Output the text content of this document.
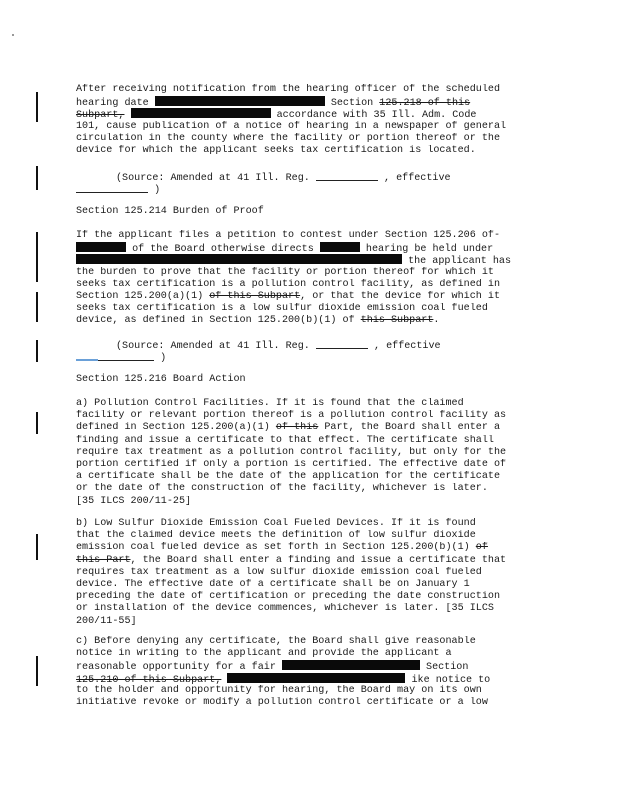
After receiving notification from the hearing officer of the scheduled
hearing date	Section 125.218 of this
Subpart,	accordance with 35 Ill. Adm. Code
101, cause publication of a notice of hearing in a newspaper of general
circulation in the county where the facility or portion thereof or the
device for which the applicant seeks tax certification is located.
(Source: Amended at 41 Ill. Reg.	, effective
)
Section 125.214 Burden of Proof
If the applicant files a petition to contest under Section 125.206 of-
of the Board otherwise directs	hearing be held under
the applicant has
the burden to prove that the facility or portion thereof for which it
seeks tax certification is a pollution control facility, as defined in
Section 125.200(a)(1) of this Subpart, or that the device for which it
seeks tax certification is a low sulfur dioxide emission coal fueled
device, as defined in Section 125.200(b)(1) of this Subpart.
(Source: Amended at 41 Ill. Reg.	, effective
)
Section 125.216 Board Action
a) Pollution Control Facilities. If it is found that the claimed
facility or relevant portion thereof is a pollution control facility as
defined in Section 125.200(a)(1) of this Part, the Board shall enter a
finding and issue a certificate to that effect. The certificate shall
require tax treatment as a pollution control facility, but only for the
portion certified if only a portion is certified. The effective date of
a certificate shall be the date of the application for the certificate
or the date of the construction of the facility, whichever is later.
[35 ILCS 200/11-25]
b) Low Sulfur Dioxide Emission Coal Fueled Devices. If it is found
that the claimed device meets the definition of low sulfur dioxide
emission coal fueled device as set forth in Section 125.200(b)(1) of
this Part, the Board shall enter a finding and issue a certificate that
requires tax treatment as a low sulfur dioxide emission coal fueled
device. The effective date of a certificate shall be on January 1
preceding the date of certification or preceding the date construction
or installation of the device commences, whichever is later. [35 ILCS
200/11-55]
c) Before denying any certificate, the Board shall give reasonable
notice in writing to the applicant and provide the applicant a
reasonable opportunity for a fair	Section
125.210 of this Subpart,	ike notice to
to the holder and opportunity for hearing, the Board may on its own
initiative revoke or modify a pollution control certificate or a low
